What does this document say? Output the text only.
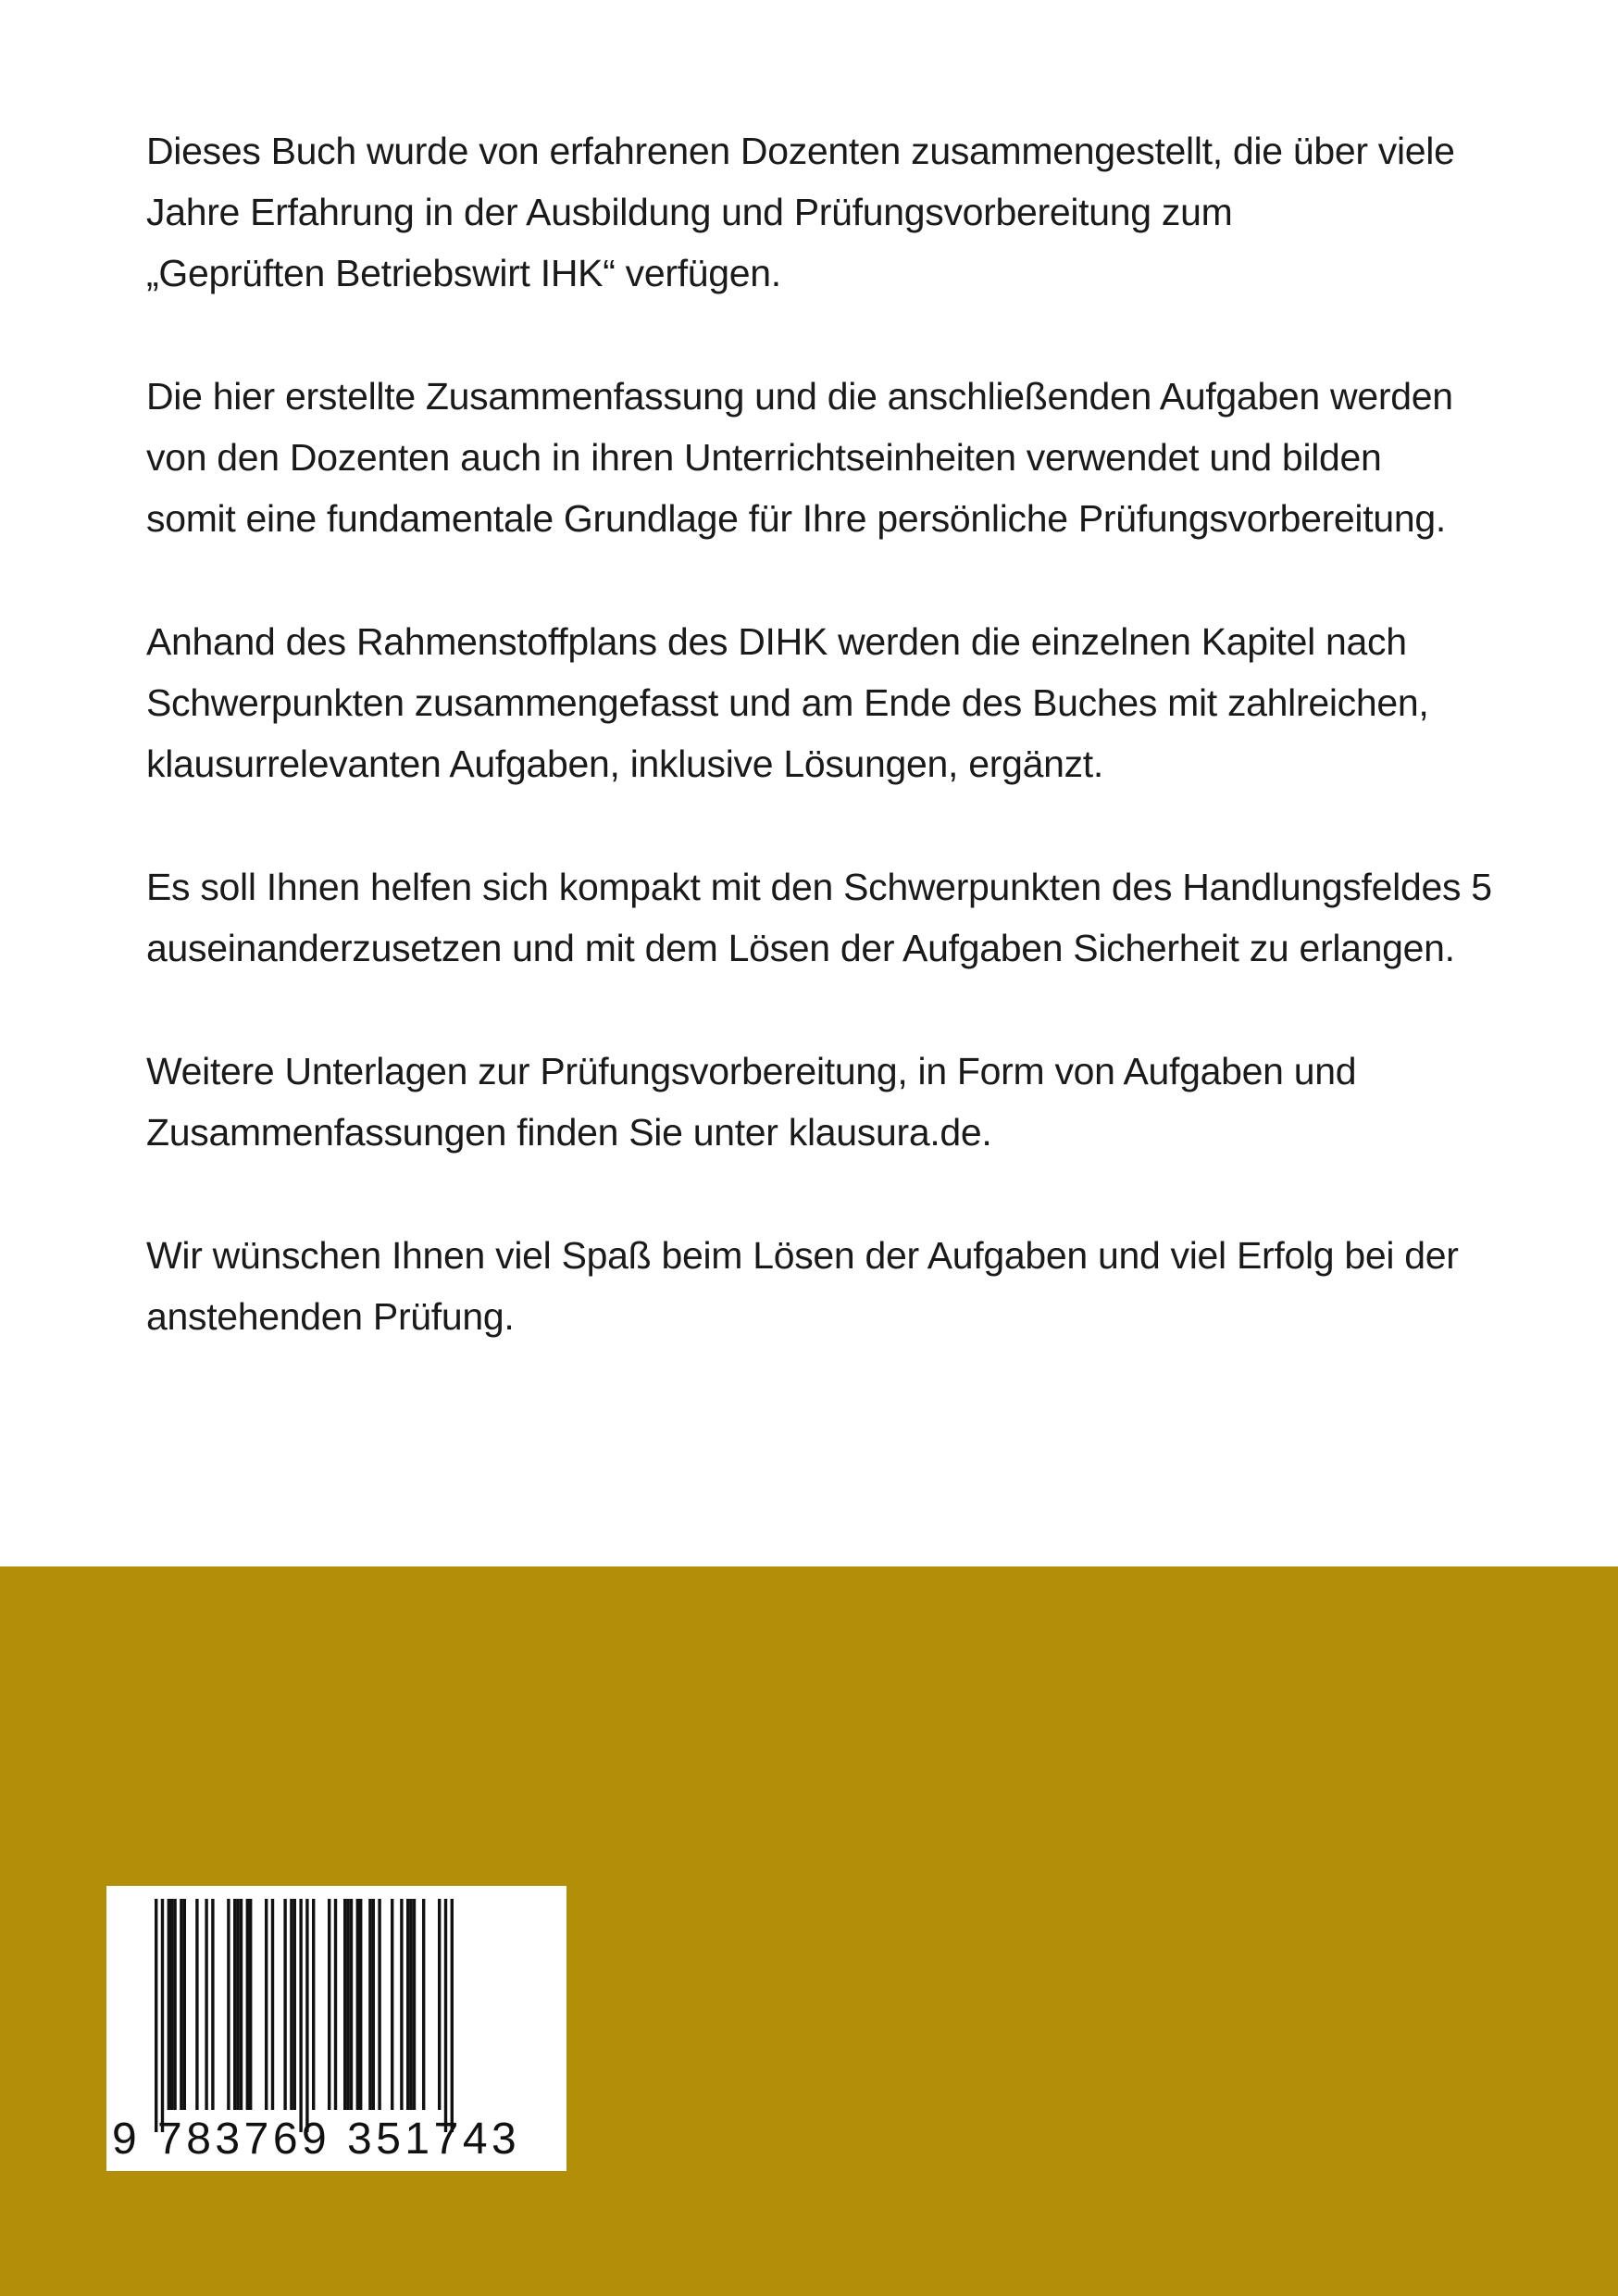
Dieses Buch wurde von erfahrenen Dozenten zusammengestellt, die über viele
Jahre Erfahrung in der Ausbildung und Prüfungsvorbereitung zum
„Geprüften Betriebswirt IHK“ verfügen.

Die hier erstellte Zusammenfassung und die anschließenden Aufgaben werden
von den Dozenten auch in ihren Unterrichtseinheiten verwendet und bilden
somit eine fundamentale Grundlage für Ihre persönliche Prüfungsvorbereitung.

Anhand des Rahmenstoffplans des DIHK werden die einzelnen Kapitel nach
Schwerpunkten zusammengefasst und am Ende des Buches mit zahlreichen,
klausurrelevanten Aufgaben, inklusive Lösungen, ergänzt.

Es soll Ihnen helfen sich kompakt mit den Schwerpunkten des Handlungsfeldes 5
auseinanderzusetzen und mit dem Lösen der Aufgaben Sicherheit zu erlangen.

Weitere Unterlagen zur Prüfungsvorbereitung, in Form von Aufgaben und
Zusammenfassungen finden Sie unter klausura.de.

Wir wünschen Ihnen viel Spaß beim Lösen der Aufgaben und viel Erfolg bei der
anstehenden Prüfung.

9 783769 351743
